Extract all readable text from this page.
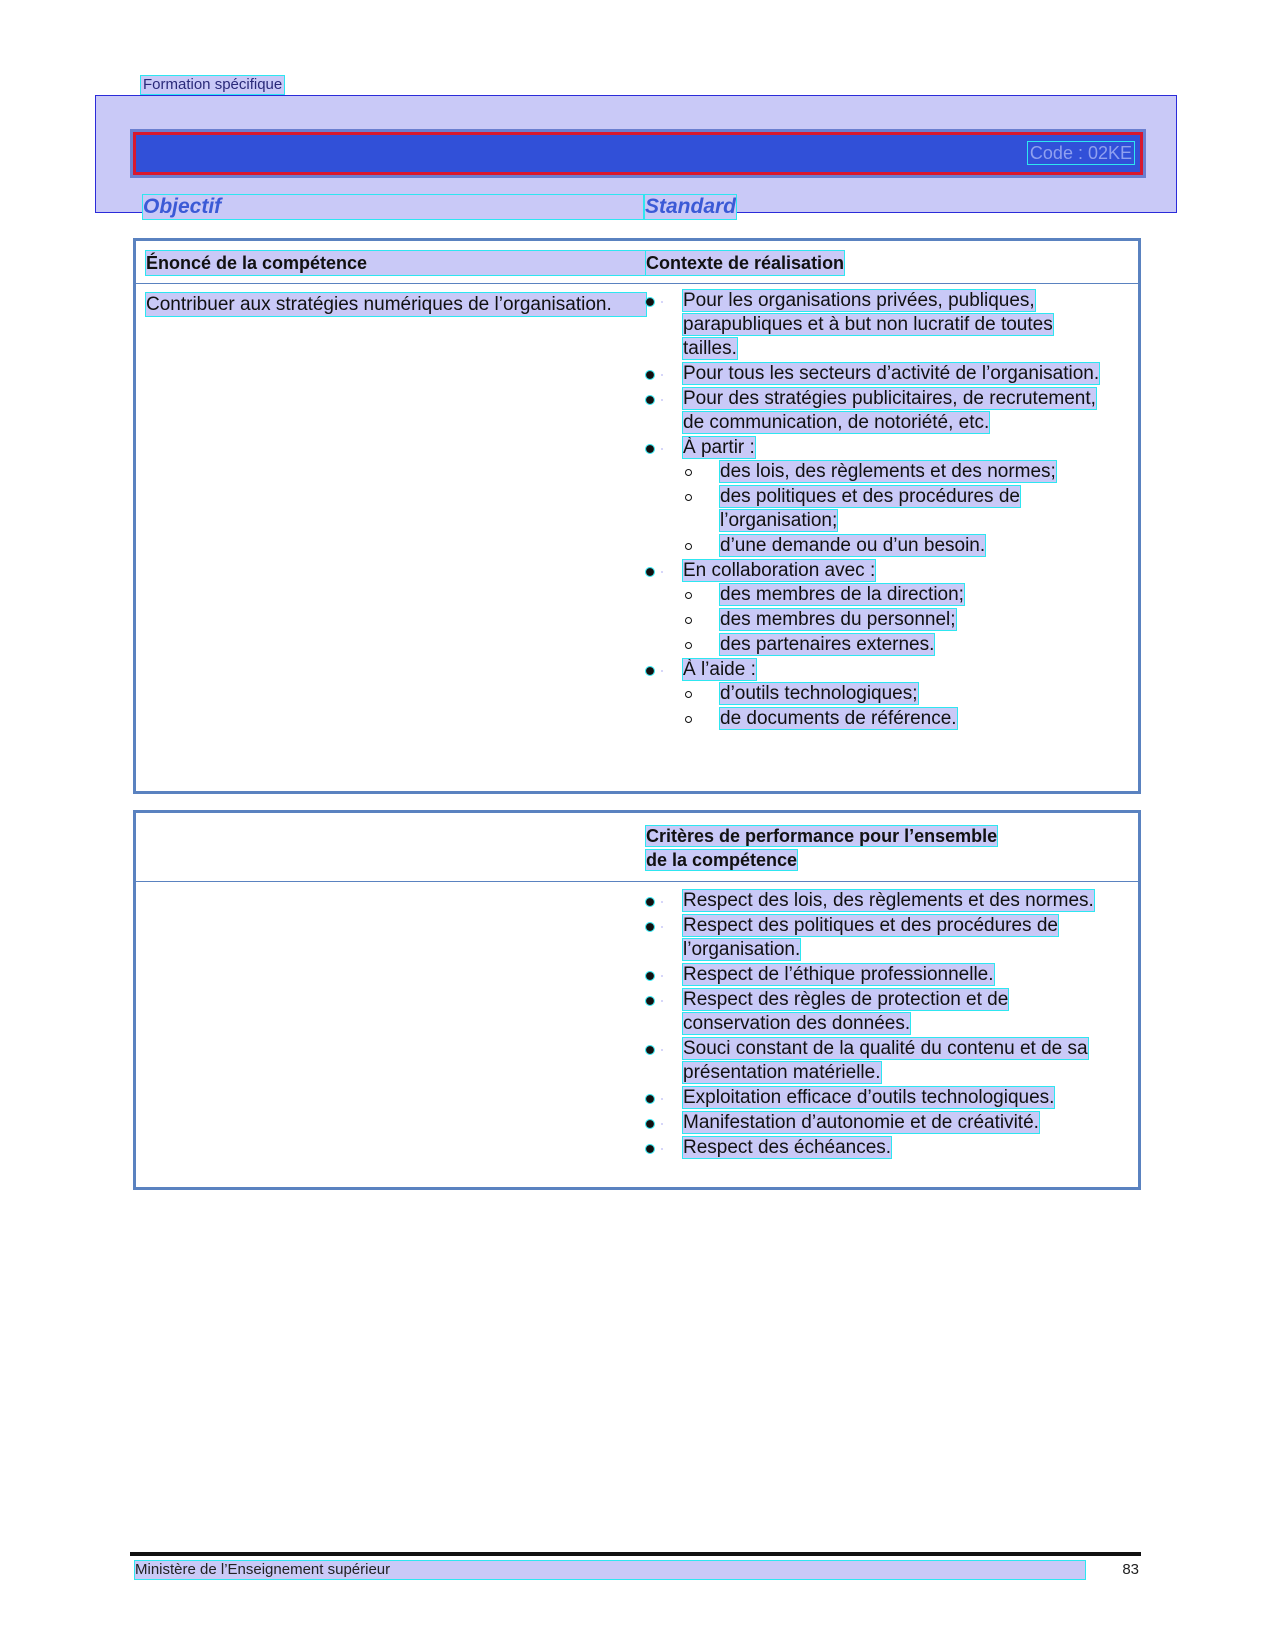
Formation spécifique
Code : 02KE
Objectif	Standard
Énoncé de la compétence	Contexte de réalisation
Contribuer aux stratégies numériques de l’organisation.	Pour les organisations privées, publiques, parapubliques et à but non lucratif de toutes tailles.
Pour tous les secteurs d’activité de l’organisation.
Pour des stratégies publicitaires, de recrutement, de communication, de notoriété, etc.
À partir :
des lois, des règlements et des normes;
des politiques et des procédures de l’organisation;
d’une demande ou d’un besoin.
En collaboration avec :
des membres de la direction;
des membres du personnel;
des partenaires externes.
À l’aide :
d’outils technologiques;
de documents de référence.
Critères de performance pour l’ensemble
de la compétence
Respect des lois, des règlements et des normes.
Respect des politiques et des procédures de l’organisation.
Respect de l’éthique professionnelle.
Respect des règles de protection et de conservation des données.
Souci constant de la qualité du contenu et de sa présentation matérielle.
Exploitation efficace d’outils technologiques.
Manifestation d’autonomie et de créativité.
Respect des échéances.
Ministère de l’Enseignement supérieur	83
